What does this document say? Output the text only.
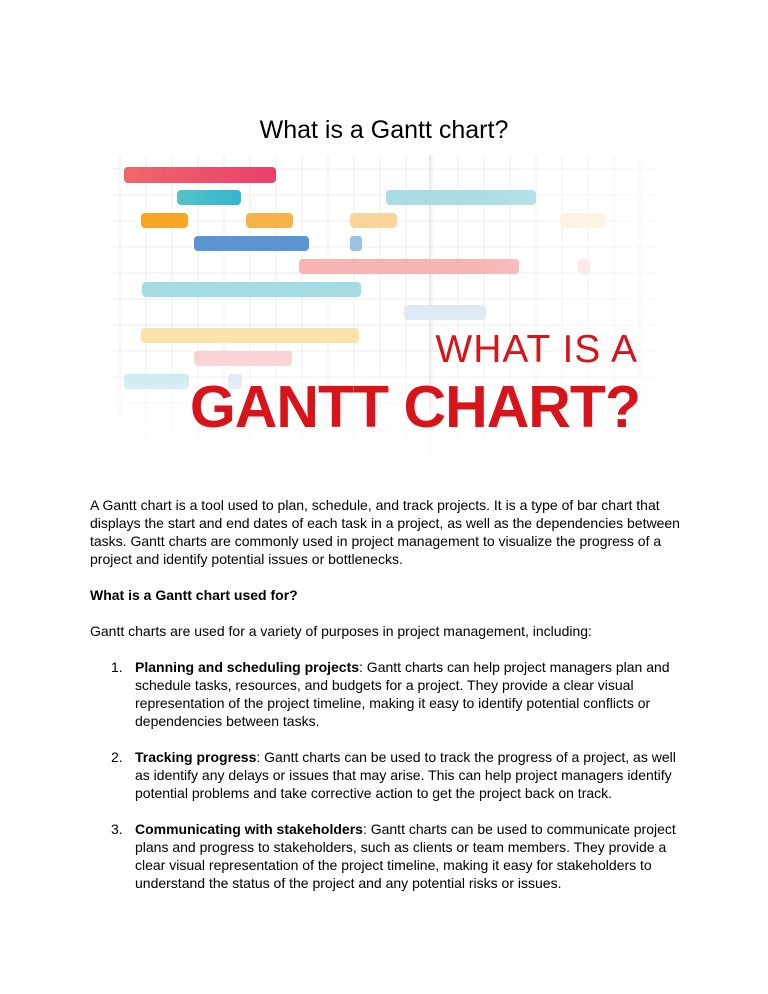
What is a Gantt chart?
WHAT IS A
GANTT CHART?

A Gantt chart is a tool used to plan, schedule, and track projects. It is a type of bar chart that displays the start and end dates of each task in a project, as well as the dependencies between tasks. Gantt charts are commonly used in project management to visualize the progress of a project and identify potential issues or bottlenecks.

What is a Gantt chart used for?

Gantt charts are used for a variety of purposes in project management, including:

1. Planning and scheduling projects: Gantt charts can help project managers plan and schedule tasks, resources, and budgets for a project. They provide a clear visual representation of the project timeline, making it easy to identify potential conflicts or dependencies between tasks.
2. Tracking progress: Gantt charts can be used to track the progress of a project, as well as identify any delays or issues that may arise. This can help project managers identify potential problems and take corrective action to get the project back on track.
3. Communicating with stakeholders: Gantt charts can be used to communicate project plans and progress to stakeholders, such as clients or team members. They provide a clear visual representation of the project timeline, making it easy for stakeholders to understand the status of the project and any potential risks or issues.
